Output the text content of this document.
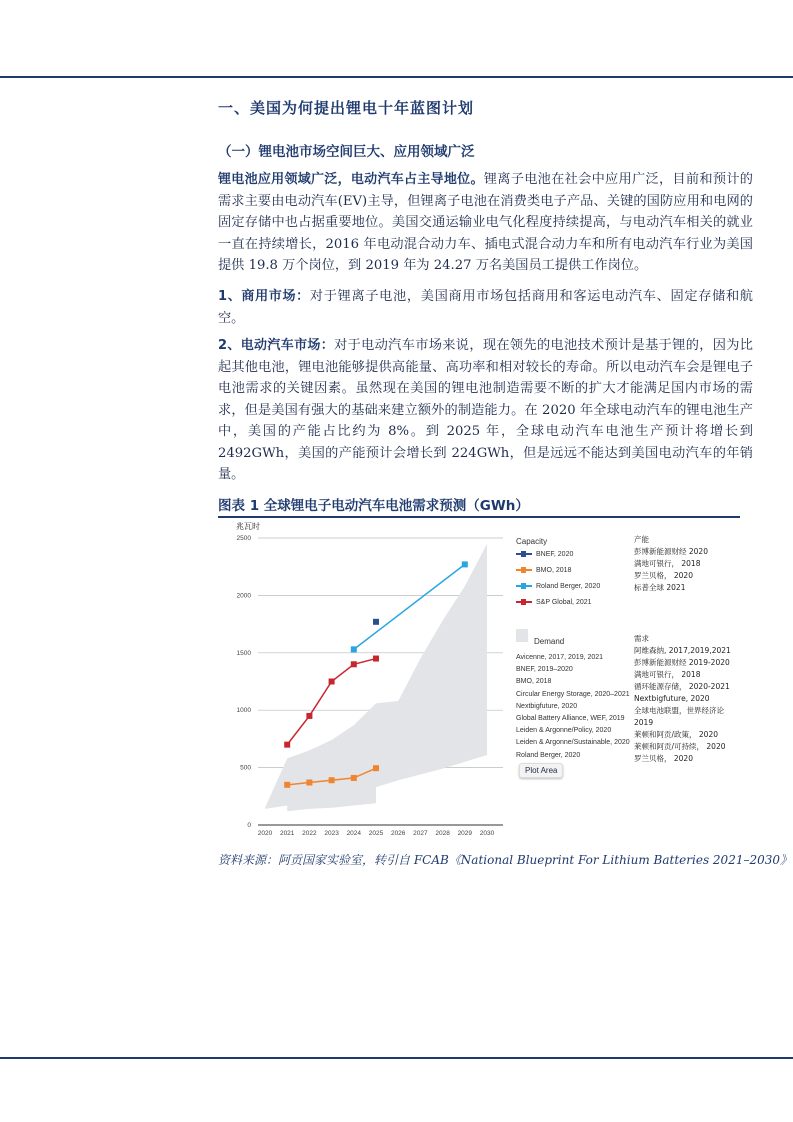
一、美国为何提出锂电十年蓝图计划
（一）锂电池市场空间巨大、应用领域广泛

锂电池应用领域广泛，电动汽车占主导地位。锂离子电池在社会中应用广泛，目前和预计的需求主要由电动汽车(EV)主导，但锂离子电池在消费类电子产品、关键的国防应用和电网的固定存储中也占据重要地位。美国交通运输业电气化程度持续提高，与电动汽车相关的就业一直在持续增长，2016 年电动混合动力车、插电式混合动力车和所有电动汽车行业为美国提供 19.8 万个岗位，到 2019 年为 24.27 万名美国员工提供工作岗位。

1、商用市场：对于锂离子电池，美国商用市场包括商用和客运电动汽车、固定存储和航空。

2、电动汽车市场：对于电动汽车市场来说，现在领先的电池技术预计是基于锂的，因为比起其他电池，锂电池能够提供高能量、高功率和相对较长的寿命。所以电动汽车会是锂电子电池需求的关键因素。虽然现在美国的锂电池制造需要不断的扩大才能满足国内市场的需求，但是美国有强大的基础来建立额外的制造能力。在 2020 年全球电动汽车的锂电池生产中，美国的产能占比约为 8%。到 2025 年，全球电动汽车电池生产预计将增长到 2492GWh，美国的产能预计会增长到 224GWh，但是远远不能达到美国电动汽车的年销量。

图表 1 全球锂电子电动汽车电池需求预测（GWh）
兆瓦时
0
500
1000
1500
2000
2500
2020 2021 2022 2023 2024 2025 2026 2027 2028 2029 2030
Capacity
BNEF, 2020
BMO, 2018
Roland Berger, 2020
S&P Global, 2021
Demand
Avicenne, 2017, 2019, 2021
BNEF, 2019–2020
BMO, 2018
Circular Energy Storage, 2020–2021
Nextbigfuture, 2020
Global Battery Alliance, WEF, 2019
Leiden & Argonne/Policy, 2020
Leiden & Argonne/Sustainable, 2020
Roland Berger, 2020
产能
彭博新能源财经 2020
满地可银行， 2018
罗兰贝格， 2020
标普全球 2021
需求
阿维森纳, 2017,2019,2021
彭博新能源财经 2019-2020
满地可银行， 2018
循环能源存储， 2020-2021
Nextbigfuture, 2020
全球电池联盟，世界经济论
2019
莱顿和阿贡/政策， 2020
莱顿和阿贡/可持续， 2020
罗兰贝格， 2020
Plot Area
资料来源：阿贡国家实验室，转引自 FCAB《National Blueprint For Lithium Batteries 2021–2030》
